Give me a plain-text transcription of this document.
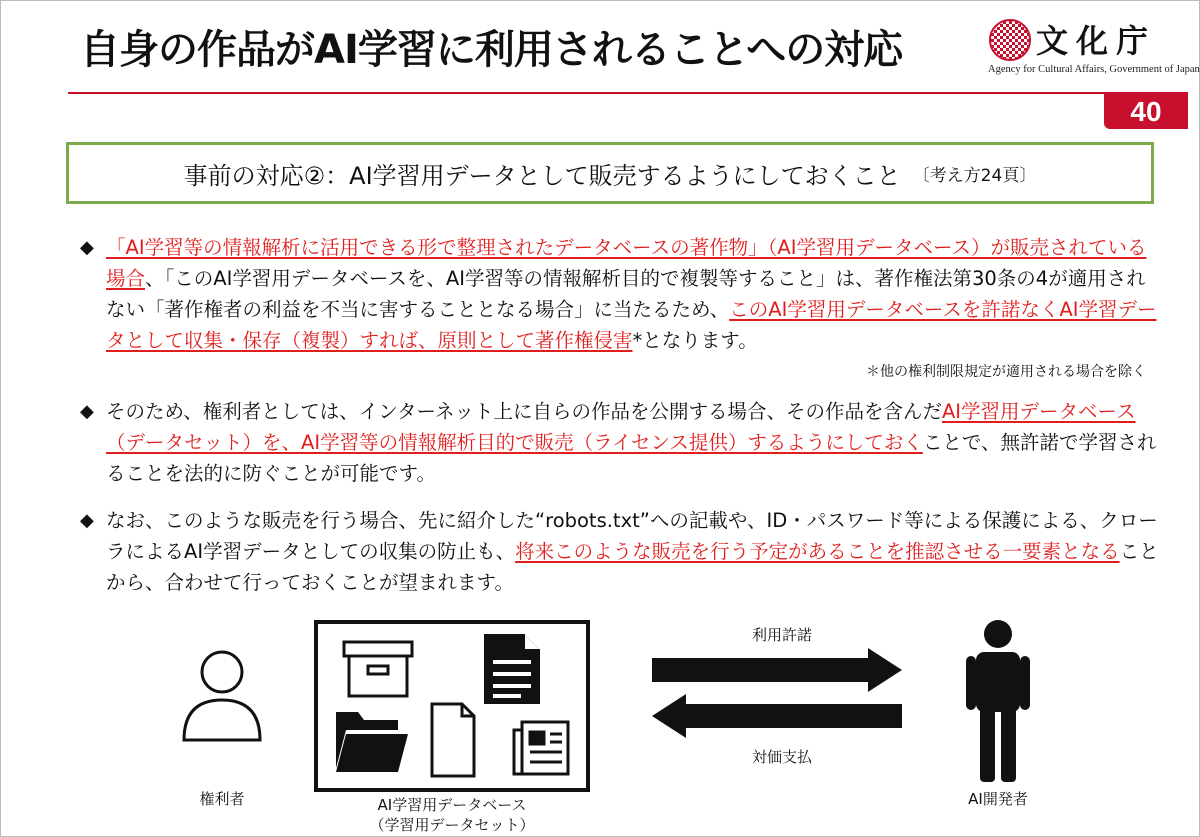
自身の作品がAI学習に利用されることへの対応	文化庁
Agency for Cultural Affairs, Government of Japan
40
事前の対応②：AI学習用データとして販売するようにしておくこと 〔考え方24頁〕
◆ 「AI学習等の情報解析に活用できる形で整理されたデータベースの著作物」（AI学習用データベース）が販売されている場合、「このAI学習用データベースを、AI学習等の情報解析目的で複製等すること」は、著作権法第30条の4が適用されない「著作権者の利益を不当に害することとなる場合」に当たるため、このAI学習用データベースを許諾なくAI学習データとして収集・保存（複製）すれば、原則として著作権侵害*となります。
＊他の権利制限規定が適用される場合を除く
◆ そのため、権利者としては、インターネット上に自らの作品を公開する場合、その作品を含んだAI学習用データベース（データセット）を、AI学習等の情報解析目的で販売（ライセンス提供）するようにしておくことで、無許諾で学習されることを法的に防ぐことが可能です。
◆ なお、このような販売を行う場合、先に紹介した“robots.txt”への記載や、ID・パスワード等による保護による、クローラによるAI学習データとしての収集の防止も、将来このような販売を行う予定があることを推認させる一要素となることから、合わせて行っておくことが望まれます。
権利者	AI学習用データベース
（学習用データセット）
利用許諾
対価支払
AI開発者
